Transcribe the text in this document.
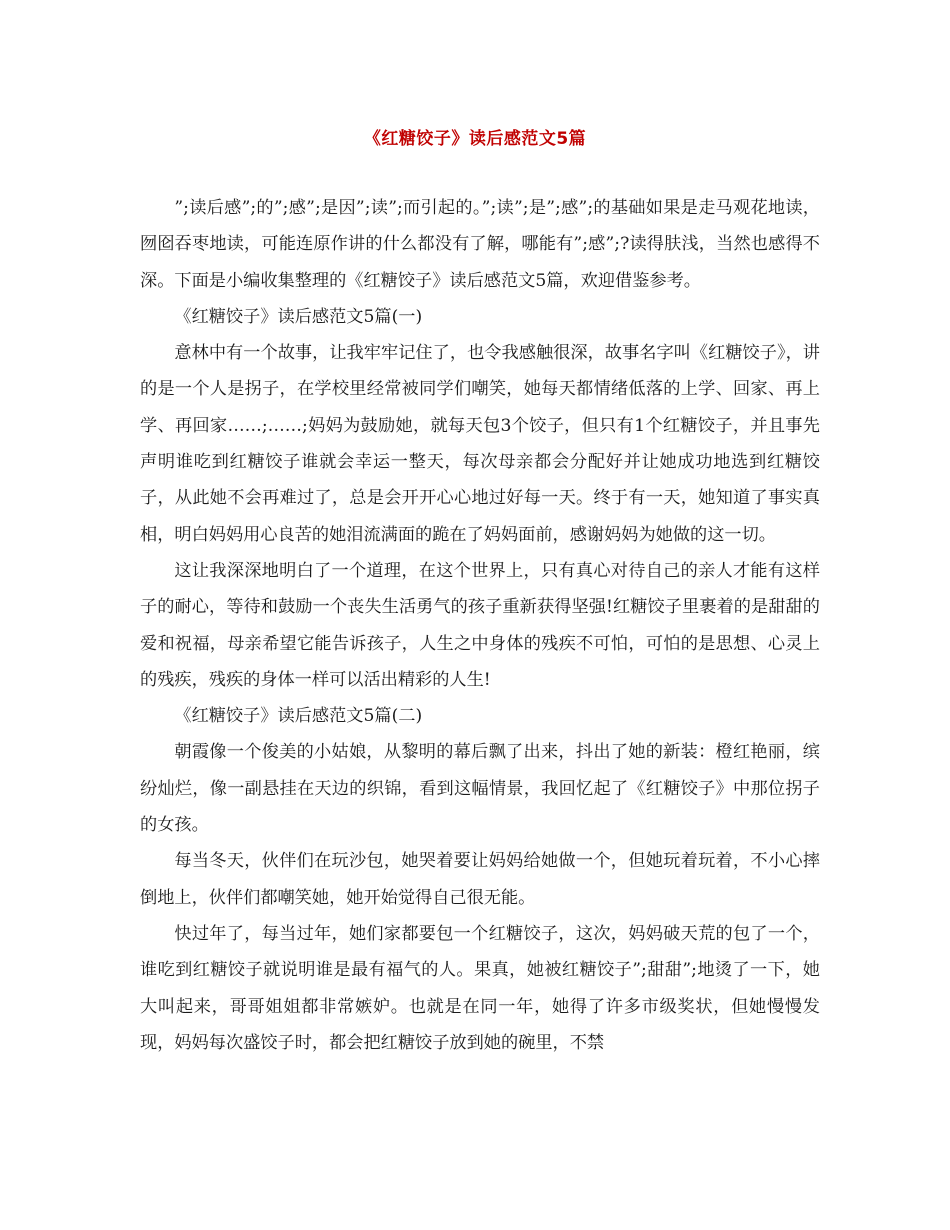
《红糖饺子》读后感范文5篇

”;读后感”;的”;感”;是因”;读”;而引起的。”;读”;是”;感”;的基础如果是走马观花地读，囫囵吞枣地读，可能连原作讲的什么都没有了解，哪能有”;感”;?读得肤浅，当然也感得不深。下面是小编收集整理的《红糖饺子》读后感范文5篇，欢迎借鉴参考。

《红糖饺子》读后感范文5篇(一)

意林中有一个故事，让我牢牢记住了，也令我感触很深，故事名字叫《红糖饺子》，讲的是一个人是拐子，在学校里经常被同学们嘲笑，她每天都情绪低落的上学、回家、再上学、再回家……;……;妈妈为鼓励她，就每天包3个饺子，但只有1个红糖饺子，并且事先声明谁吃到红糖饺子谁就会幸运一整天，每次母亲都会分配好并让她成功地选到红糖饺子，从此她不会再难过了，总是会开开心心地过好每一天。终于有一天，她知道了事实真相，明白妈妈用心良苦的她泪流满面的跪在了妈妈面前，感谢妈妈为她做的这一切。

这让我深深地明白了一个道理，在这个世界上，只有真心对待自己的亲人才能有这样子的耐心，等待和鼓励一个丧失生活勇气的孩子重新获得坚强!红糖饺子里裹着的是甜甜的爱和祝福，母亲希望它能告诉孩子，人生之中身体的残疾不可怕，可怕的是思想、心灵上的残疾，残疾的身体一样可以活出精彩的人生!

《红糖饺子》读后感范文5篇(二)

朝霞像一个俊美的小姑娘，从黎明的幕后飘了出来，抖出了她的新装：橙红艳丽，缤纷灿烂，像一副悬挂在天边的织锦，看到这幅情景，我回忆起了《红糖饺子》中那位拐子的女孩。

每当冬天，伙伴们在玩沙包，她哭着要让妈妈给她做一个，但她玩着玩着，不小心摔倒地上，伙伴们都嘲笑她，她开始觉得自己很无能。

快过年了，每当过年，她们家都要包一个红糖饺子，这次，妈妈破天荒的包了一个，谁吃到红糖饺子就说明谁是最有福气的人。果真，她被红糖饺子”;甜甜”;地烫了一下，她大叫起来，哥哥姐姐都非常嫉妒。也就是在同一年，她得了许多市级奖状，但她慢慢发现，妈妈每次盛饺子时，都会把红糖饺子放到她的碗里，不禁
